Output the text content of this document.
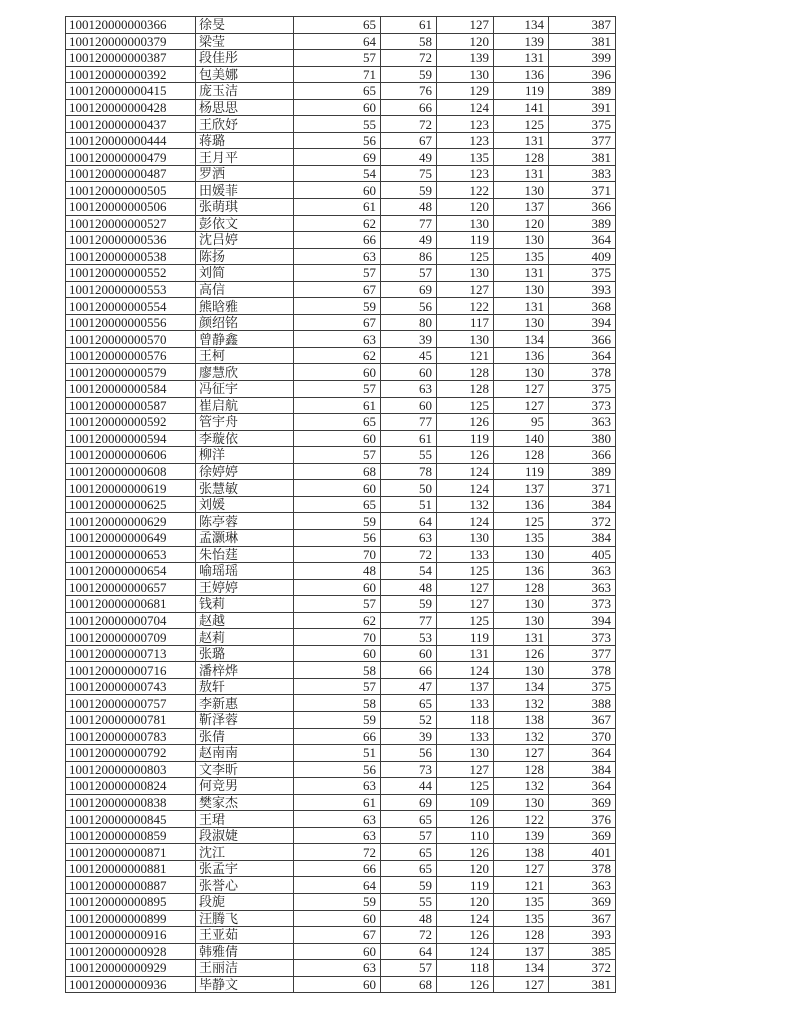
100120000000366	徐旻	65	61	127	134	387
100120000000379	梁莹	64	58	120	139	381
100120000000387	段佳彤	57	72	139	131	399
100120000000392	包美娜	71	59	130	136	396
100120000000415	庞玉洁	65	76	129	119	389
100120000000428	杨思思	60	66	124	141	391
100120000000437	王欣妤	55	72	123	125	375
100120000000444	蒋璐	56	67	123	131	377
100120000000479	王月平	69	49	135	128	381
100120000000487	罗洒	54	75	123	131	383
100120000000505	田媛菲	60	59	122	130	371
100120000000506	张萌琪	61	48	120	137	366
100120000000527	彭依文	62	77	130	120	389
100120000000536	沈吕婷	66	49	119	130	364
100120000000538	陈扬	63	86	125	135	409
100120000000552	刘简	57	57	130	131	375
100120000000553	高信	67	69	127	130	393
100120000000554	熊晗雅	59	56	122	131	368
100120000000556	颜绍铭	67	80	117	130	394
100120000000570	曾静鑫	63	39	130	134	366
100120000000576	王柯	62	45	121	136	364
100120000000579	廖慧欣	60	60	128	130	378
100120000000584	冯征宇	57	63	128	127	375
100120000000587	崔启航	61	60	125	127	373
100120000000592	管宇舟	65	77	126	95	363
100120000000594	李璇依	60	61	119	140	380
100120000000606	柳洋	57	55	126	128	366
100120000000608	徐婷婷	68	78	124	119	389
100120000000619	张慧敏	60	50	124	137	371
100120000000625	刘媛	65	51	132	136	384
100120000000629	陈亭蓉	59	64	124	125	372
100120000000649	孟灏琳	56	63	130	135	384
100120000000653	朱怡莛	70	72	133	130	405
100120000000654	喻瑶瑶	48	54	125	136	363
100120000000657	王婷婷	60	48	127	128	363
100120000000681	钱莉	57	59	127	130	373
100120000000704	赵越	62	77	125	130	394
100120000000709	赵莉	70	53	119	131	373
100120000000713	张璐	60	60	131	126	377
100120000000716	潘梓烨	58	66	124	130	378
100120000000743	敖轩	57	47	137	134	375
100120000000757	李新惠	58	65	133	132	388
100120000000781	靳泽蓉	59	52	118	138	367
100120000000783	张倩	66	39	133	132	370
100120000000792	赵南南	51	56	130	127	364
100120000000803	文李昕	56	73	127	128	384
100120000000824	何竞男	63	44	125	132	364
100120000000838	樊家杰	61	69	109	130	369
100120000000845	王珺	63	65	126	122	376
100120000000859	段淑婕	63	57	110	139	369
100120000000871	沈江	72	65	126	138	401
100120000000881	张孟宇	66	65	120	127	378
100120000000887	张誉心	64	59	119	121	363
100120000000895	段旎	59	55	120	135	369
100120000000899	汪腾飞	60	48	124	135	367
100120000000916	王亚茹	67	72	126	128	393
100120000000928	韩雅倩	60	64	124	137	385
100120000000929	王丽洁	63	57	118	134	372
100120000000936	毕静文	60	68	126	127	381
